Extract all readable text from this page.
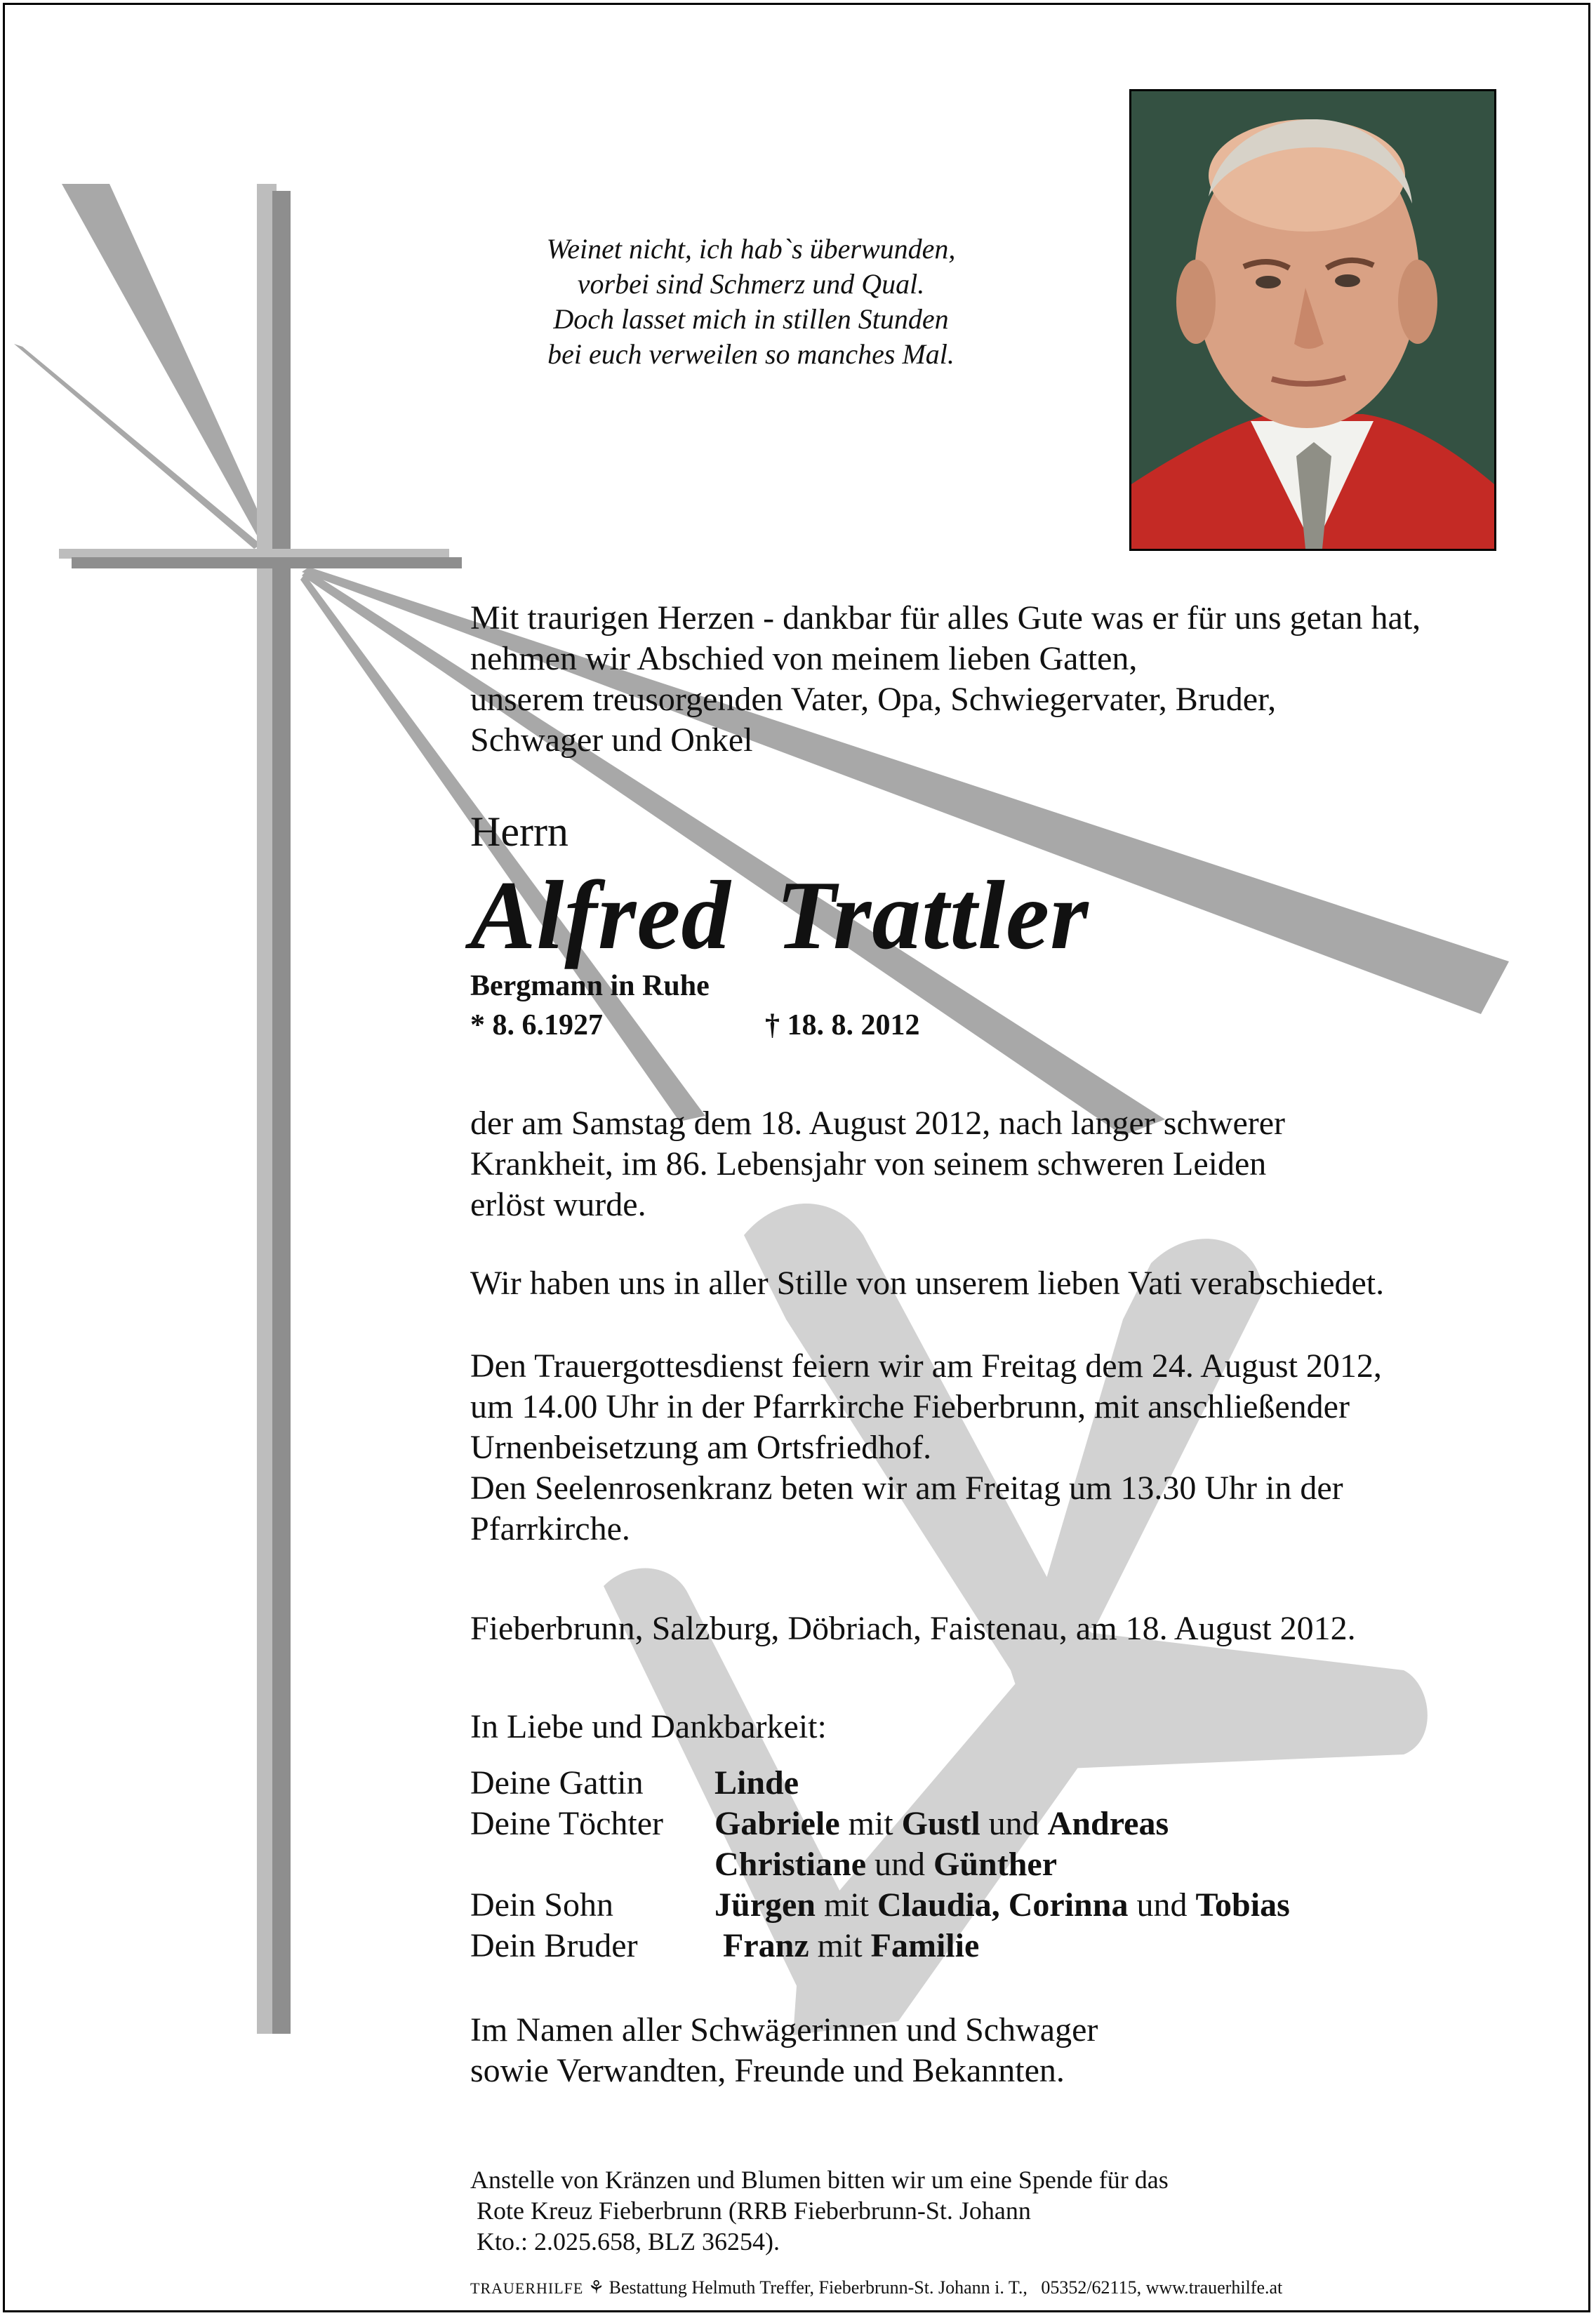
Weinet nicht, ich hab`s überwunden,
vorbei sind Schmerz und Qual.
Doch lasset mich in stillen Stunden
bei euch verweilen so manches Mal.
Mit traurigen Herzen - dankbar für alles Gute was er für uns getan hat,
nehmen wir Abschied von meinem lieben Gatten,
unserem treusorgenden Vater, Opa, Schwiegervater, Bruder,
Schwager und Onkel
Herrn
Alfred Trattler
Bergmann in Ruhe
* 8. 6.1927	† 18. 8. 2012
der am Samstag dem 18. August 2012, nach langer schwerer
Krankheit, im 86. Lebensjahr von seinem schweren Leiden
erlöst wurde.
Wir haben uns in aller Stille von unserem lieben Vati verabschiedet.
Den Trauergottesdienst feiern wir am Freitag dem 24. August 2012,
um 14.00 Uhr in der Pfarrkirche Fieberbrunn, mit anschließender
Urnenbeisetzung am Ortsfriedhof.
Den Seelenrosenkranz beten wir am Freitag um 13.30 Uhr in der
Pfarrkirche.
Fieberbrunn, Salzburg, Döbriach, Faistenau, am 18. August 2012.
In Liebe und Dankbarkeit:
Deine Gattin	Linde
Deine Töchter	Gabriele mit Gustl und Andreas
	Christiane und Günther
Dein Sohn	Jürgen mit Claudia, Corinna und Tobias
Dein Bruder	Franz mit Familie
Im Namen aller Schwägerinnen und Schwager
sowie Verwandten, Freunde und Bekannten.
Anstelle von Kränzen und Blumen bitten wir um eine Spende für das
Rote Kreuz Fieberbrunn (RRB Fieberbrunn-St. Johann
Kto.: 2.025.658, BLZ 36254).
TRAUERHILFE ⚘ Bestattung Helmuth Treffer, Fieberbrunn-St. Johann i. T.,   05352/62115, www.trauerhilfe.at
